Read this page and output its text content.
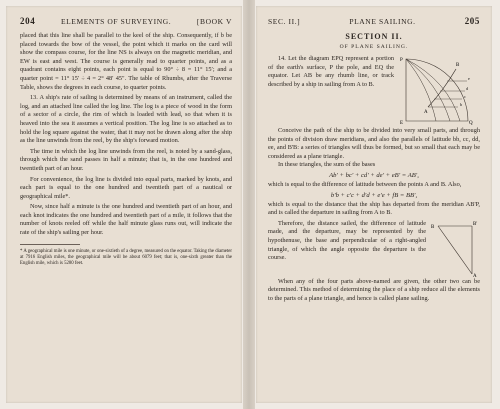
204	ELEMENTS OF SURVEYING.	[BOOK V

placed that this line shall be parallel to the keel of the ship. Consequently, if b be placed towards the bow of the vessel, the point which it marks on the card will show the compass course, for the line NS is always on the magnetic meridian, and EW is east and west. The course is generally read to quarter points, and as a quadrant contains eight points, each point is equal to 90° ÷ 8 = 11° 15′; and a quarter point = 11° 15′ ÷ 4 = 2° 48′ 45″. The table of Rhumbs, after the Traverse Table, shows the degrees in each course, to quarter points.

13. A ship's rate of sailing is determined by means of an instrument, called the log, and an attached line called the log line. The log is a piece of wood in the form of a sector of a circle, the rim of which is loaded with lead, so that when it is heaved into the sea it assumes a vertical position. The log line is so attached as to hold the log square against the water, that it may not be drawn along after the ship as the line unwinds from the reel, by the ship's forward motion.

The time in which the log line unwinds from the reel, is noted by a sand-glass, through which the sand passes in half a minute; that is, in the one hundred and twentieth part of an hour.

For convenience, the log line is divided into equal parts, marked by knots, and each part is equal to the one hundred and twentieth part of a nautical or geographical mile*.

Now, since half a minute is the one hundred and twentieth part of an hour, and each knot indicates the one hundred and twentieth part of a mile, it follows that the number of knots reeled off while the half minute glass runs out, will indicate the rate of the ship's sailing per hour.

* A geographical mile is one minute, or one-sixtieth of a degree, measured on the equator. Taking the diameter at 7916 English miles, the geographical mile will be about 6079 feet; that is, one-sixth greater than the English mile, which is 5280 feet.

SEC. II.]	PLANE SAILING.	205
SECTION II.
OF PLANE SAILING.

14. Let the diagram EPQ represent a portion of the earth's surface, P the pole, and EQ the equator. Let AB be any rhumb line, or track described by a ship in sailing from A to B.

P
B
A
E	Q
b
c
d
e

Conceive the path of the ship to be divided into very small parts, and through the points of division draw meridians, and also the parallels of latitude bb, cc, dd, ee, and B'B: a series of triangles will thus be formed, but so small that each may be considered as a plane triangle.

In these triangles, the sum of the bases

Ab' + bc' + cd' + de' + eB' = AB',

which is equal to the difference of latitude between the points A and B. Also,

b'b + c'c + d'd + e'e + fB = BB',

which is equal to the distance that the ship has departed from the meridian AB'P, and is called the departure in sailing from A to B.

Therefore, the distance sailed, the difference of latitude made, and the departure, may be represented by the hypothenuse, the base and perpendicular of a right-angled triangle, of which the angle opposite the departure is the course.

B
B'
A

When any of the four parts above-named are given, the other two can be determined. This method of determining the place of a ship reduce all the elements to the parts of a plane triangle, and hence is called plane sailing.
